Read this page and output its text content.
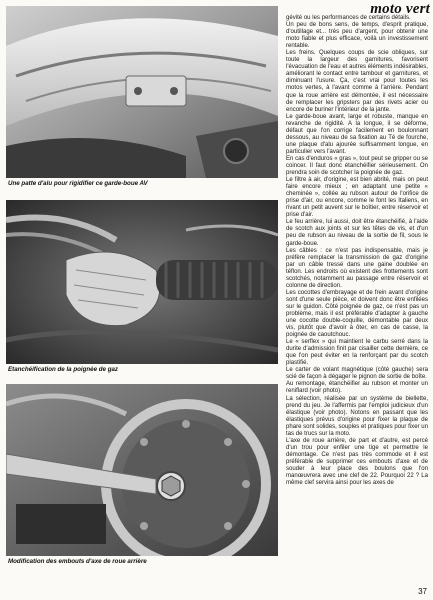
moto vert
Une patte d'alu pour rigidifier ce garde-boue AV
Etanchéification de la poignée de gaz
Modification des embouts d'axe de roue arrière

gévité ou les performances de certains détails.

Un peu de bons sens, de temps, d'esprit pratique, d'outillage et... très peu d'argent, pour obtenir une moto fiable et plus efficace, voilà un investissement rentable.

Les freins. Quelques coups de scie obliques, sur toute la largeur des garnitures, favorisent l'évacuation de l'eau et autres éléments indésirables, améliorant le contact entre tambour et garnitures, et diminuant l'usure. Ça, c'est vrai pour toutes les motos vertes, à l'avant comme à l'arrière. Pendant que la roue arrière est démontée, il est nécessaire de remplacer les gripsters par des rivets acier ou encore de buriner l'intérieur de la jante.

Le garde-boue avant, large et robuste, manque en revanche de rigidité. A la longue, il se déforme, défaut que l'on corrige facilement en boulonnant dessous, au niveau de sa fixation au Té de fourche, une plaque d'alu ajourée suffisamment longue, en particulier vers l'avant.

En cas d'enduros « gras », tout peut se gripper ou se coincer. Il faut donc étanchéifier sérieusement. On prendra soin de scotcher la poignée de gaz.

Le filtre à air, d'origine, est bien abrité, mais on peut faire encore mieux ; en adaptant une petite « cheminée », collée au rubson autour de l'orifice de prise d'air, ou encore, comme le font les Italiens, en rivant un petit auvent sur le boîtier, entre réservoir et prise d'air.

Le feu arrière, lui aussi, doit être étanchéifié, à l'aide de scotch aux joints et sur les têtes de vis, et d'un peu de rubson au niveau de la sortie de fil, sous le garde-boue.

Les câbles : ce n'est pas indispensable, mais je préfère remplacer la transmission de gaz d'origine par un câble tressé dans une gaine doublée en téflon. Les endroits où existent des frottements sont scotchés, notamment au passage entre réservoir et colonne de direction.

Les cocottes d'embrayage et de frein avant d'origine sont d'une seule pièce, et doivent donc être enfilées sur le guidon. Côté poignée de gaz, ce n'est pas un problème, mais il est préférable d'adapter à gauche une cocotte double-coquille, démontable par deux vis, plutôt que d'avoir à ôter, en cas de casse, la poignée de caoutchouc.

Le « serflex » qui maintient le carbu serré dans la durite d'admission finit par cisailler cette dernière, ce que l'on peut éviter en la renforçant par du scotch plastifié.

Le carter de volant magnétique (côté gauche) sera scié de façon à dégager le pignon de sortie de boîte.

Au remontage, étanchéifier au rubson et monter un reniflard (voir photo).

La sélection, réalisée par un système de biellette, prend du jeu. Je l'affermis par l'emploi judicieux d'un élastique (voir photo). Notons en passant que les élastiques prévus d'origine pour fixer la plaque de phare sont solides, souples et pratiques pour fixer un tas de trucs sur la moto.

L'axe de roue arrière, de part et d'autre, est percé d'un trou pour enfiler une tige et permettre le démontage. Ce n'est pas très commode et il est préférable de supprimer ces embouts d'axe et de souder à leur place des boulons que l'on manœuvrera avec une clef de 22. Pourquoi 22 ? La même clef servira ainsi pour les axes de

37
